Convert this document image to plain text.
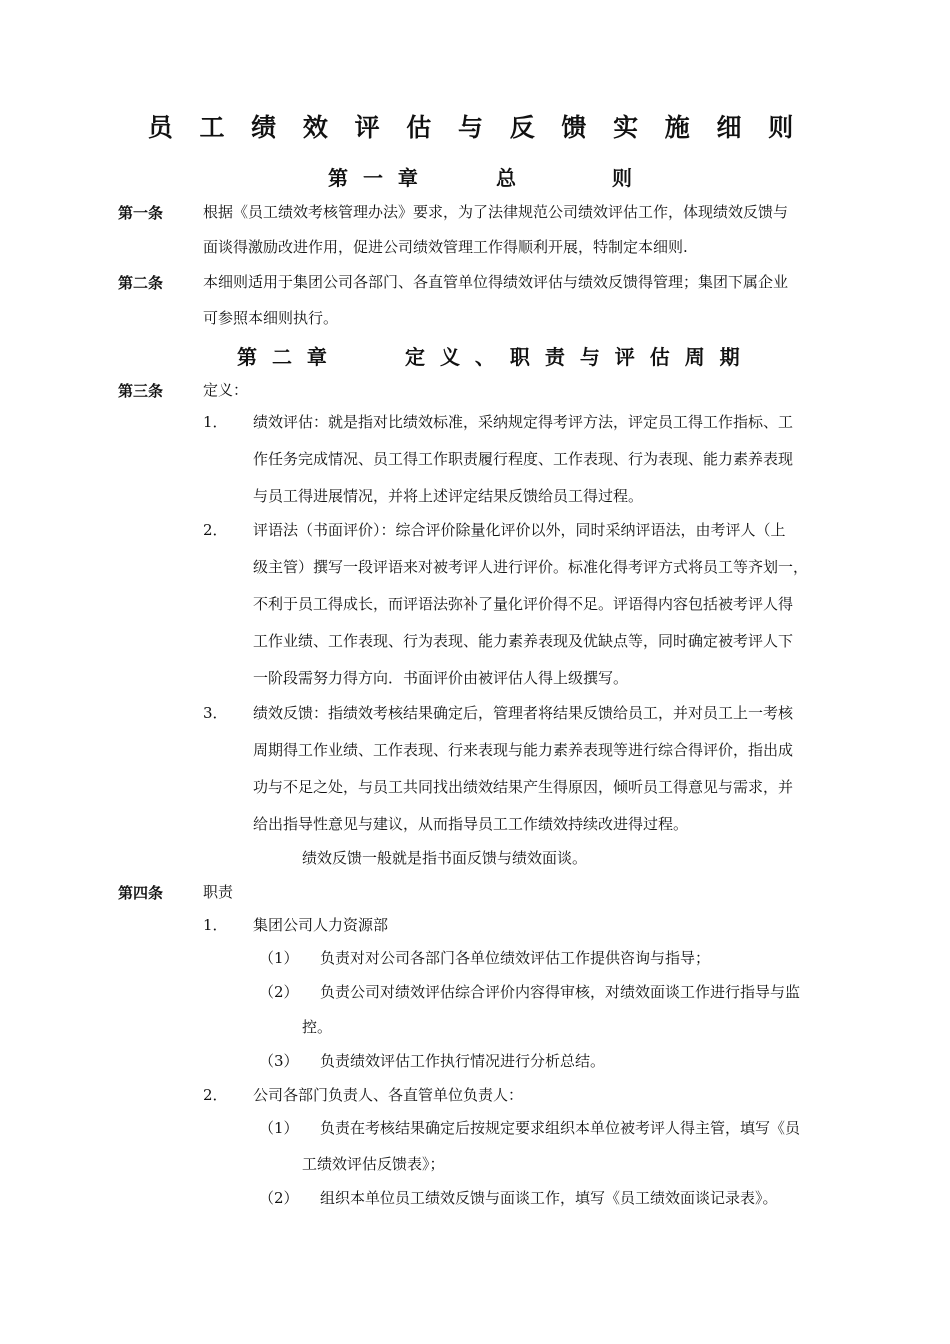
员 工 绩 效 评 估 与 反 馈 实 施 细 则
第 一 章	总	则
第一条	根据《员工绩效考核管理办法》要求，为了法律规范公司绩效评估工作，体现绩效反馈与
面谈得激励改进作用，促进公司绩效管理工作得顺利开展，特制定本细则.
第二条	本细则适用于集团公司各部门、各直管单位得绩效评估与绩效反馈得管理；集团下属企业
可参照本细则执行。
第 二 章	定 义 、 职 责 与 评 估 周 期
第三条	定义：
1． 绩效评估：就是指对比绩效标准，采纳规定得考评方法，评定员工得工作指标、工
作任务完成情况、员工得工作职责履行程度、工作表现、行为表现、能力素养表现
与员工得进展情况，并将上述评定结果反馈给员工得过程。
2． 评语法（书面评价）：综合评价除量化评价以外，同时采纳评语法，由考评人（上
级主管）撰写一段评语来对被考评人进行评价。标准化得考评方式将员工等齐划一，
不利于员工得成长，而评语法弥补了量化评价得不足。评语得内容包括被考评人得
工作业绩、工作表现、行为表现、能力素养表现及优缺点等，同时确定被考评人下
一阶段需努力得方向．书面评价由被评估人得上级撰写。
3． 绩效反馈：指绩效考核结果确定后，管理者将结果反馈给员工，并对员工上一考核
周期得工作业绩、工作表现、行来表现与能力素养表现等进行综合得评价，指出成
功与不足之处，与员工共同找出绩效结果产生得原因，倾听员工得意见与需求，并
给出指导性意见与建议，从而指导员工工作绩效持续改进得过程。
绩效反馈一般就是指书面反馈与绩效面谈。
第四条	职责
1． 集团公司人力资源部
（1） 负责对对公司各部门各单位绩效评估工作提供咨询与指导；
（2） 负责公司对绩效评估综合评价内容得审核，对绩效面谈工作进行指导与监
控。
（3） 负责绩效评估工作执行情况进行分析总结。
2． 公司各部门负责人、各直管单位负责人：
（1） 负责在考核结果确定后按规定要求组织本单位被考评人得主管，填写《员
工绩效评估反馈表》；
（2） 组织本单位员工绩效反馈与面谈工作，填写《员工绩效面谈记录表》。
